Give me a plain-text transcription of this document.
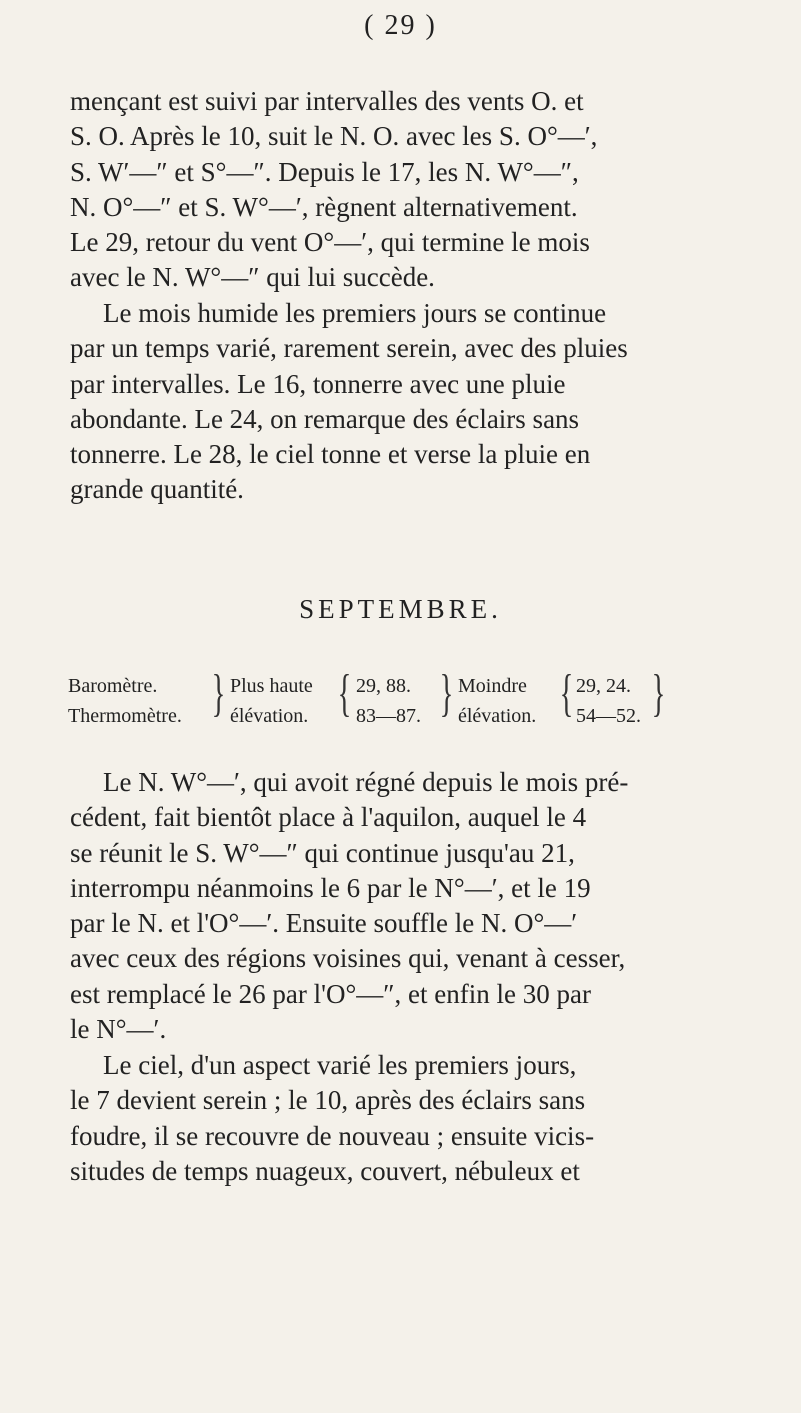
( 29 )

mençant est suivi par intervalles des vents O. et
S. O. Après le 10, suit le N. O. avec les S. O°—′,
S. W′—″ et S°—″. Depuis le 17, les N. W°—″,
N. O°—″ et S. W°—′, règnent alternativement.
Le 29, retour du vent O°—′, qui termine le mois
avec le N. W°—″ qui lui succède.

Le mois humide les premiers jours se continue
par un temps varié, rarement serein, avec des pluies
par intervalles. Le 16, tonnerre avec une pluie
abondante. Le 24, on remarque des éclairs sans
tonnerre. Le 28, le ciel tonne et verse la pluie en
grande quantité.

SEPTEMBRE.
Baromètre.
Thermomètre. } Plus haute
élévation. { 29, 88.
83—87. } Moindre
élévation. { 29, 24.
54—52. }

Le N. W°—′, qui avoit régné depuis le mois pré-
cédent, fait bientôt place à l'aquilon, auquel le 4
se réunit le S. W°—″ qui continue jusqu'au 21,
interrompu néanmoins le 6 par le N°—′, et le 19
par le N. et l'O°—′. Ensuite souffle le N. O°—′
avec ceux des régions voisines qui, venant à cesser,
est remplacé le 26 par l'O°—″, et enfin le 30 par
le N°—′.

Le ciel, d'un aspect varié les premiers jours,
le 7 devient serein ; le 10, après des éclairs sans
foudre, il se recouvre de nouveau ; ensuite vicis-
situdes de temps nuageux, couvert, nébuleux et
